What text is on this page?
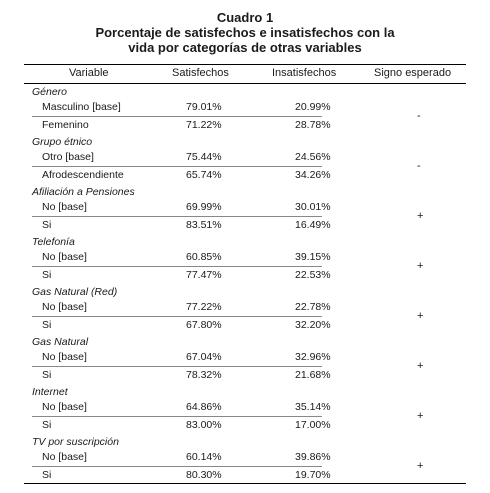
Cuadro 1
Porcentaje de satisfechos e insatisfechos con la
vida por categorías de otras variables
Variable	Satisfechos	Insatisfechos	Signo esperado
Género
Masculino [base]	79.01%	20.99%
Femenino	71.22%	28.78%
-
Grupo étnico
Otro [base]	75.44%	24.56%
Afrodescendiente	65.74%	34.26%
-
Afiliación a Pensiones
No [base]	69.99%	30.01%
Si	83.51%	16.49%
+
Telefonía
No [base]	60.85%	39.15%
Si	77.47%	22.53%
+
Gas Natural (Red)
No [base]	77.22%	22.78%
Si	67.80%	32.20%
+
Gas Natural
No [base]	67.04%	32.96%
Si	78.32%	21.68%
+
Internet
No [base]	64.86%	35.14%
Si	83.00%	17.00%
+
TV por suscripción
No [base]	60.14%	39.86%
Si	80.30%	19.70%
+
